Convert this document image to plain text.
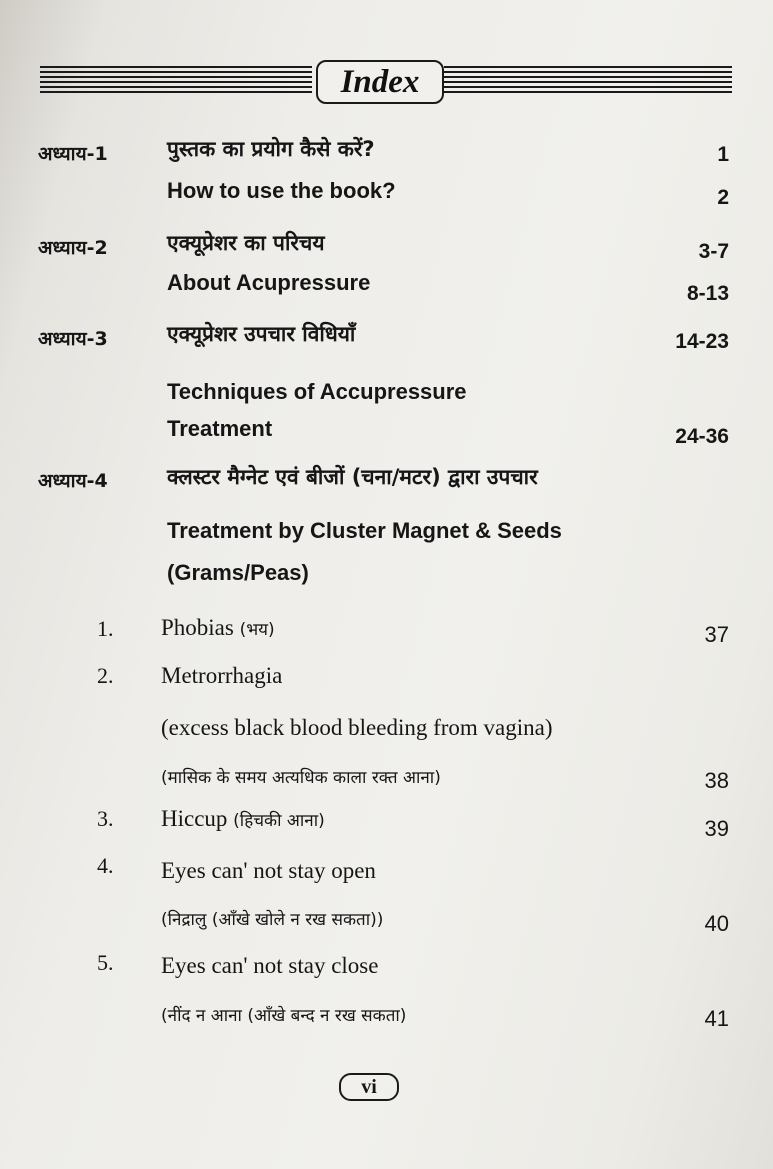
Index
अध्याय-1	पुस्तक का प्रयोग कैसे करें?	1
How to use the book?	2
अध्याय-2	एक्यूप्रेशर का परिचय	3-7
About Acupressure	8-13
अध्याय-3	एक्यूप्रेशर उपचार विधियाँ	14-23
Techniques of Accupressure
Treatment	24-36
अध्याय-4	क्लस्टर मैग्नेट एवं बीजों (चना/मटर) द्वारा उपचार
Treatment by Cluster Magnet & Seeds
(Grams/Peas)
1. Phobias (भय)	37
2. Metrorrhagia
(excess black blood bleeding from vagina)
(मासिक के समय अत्यधिक काला रक्त आना)	38
3. Hiccup (हिचकी आना)	39
4. Eyes can' not stay open
(निद्रालु (आँखे खोले न रख सकता))	40
5. Eyes can' not stay close
(नींद न आना (आँखे बन्द न रख सकता)	41
vi
